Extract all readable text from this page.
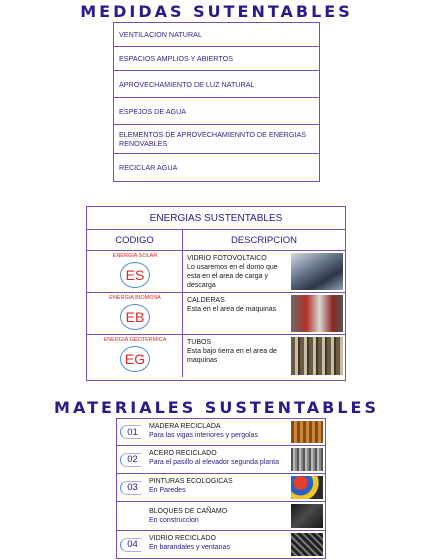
MEDIDAS SUTENTABLES
VENTILACION NATURAL
ESPACIOS AMPLIOS Y ABIERTOS
APROVECHAMIENTO DE LUZ NATURAL
ESPEJOS DE AGUA
ELEMENTOS DE APROVECHAMIENNTO DE ENERGIAS RENOVABLES
RECICLAR AGUA
ENERGIAS SUSTENTABLES
CODIGO	DESCRIPCION
ENERGIA SOLAR
ES
VIDRIO FOTOVOLTAICO
Lo usaremos en el domo que esta en el area de carga y descarga
ENERGIA BIOMOSA
EB
CALDERAS
Esta en el area de maquinas
ENERGIA GEOTERMICA
EG
TUBOS
Esta bajo tierra en el area de maquinas
MATERIALES SUSTENTABLES
01	MADERA RECICLADA
Para las vigas interiores y pergolas
02
ACERO RECICLADO
Para el pasillo al elevador segunda planta
03
PINTURAS ECOLOGICAS
En Paredes
BLOQUES DE CAÑAMO
En construccion
04
VIDRIO RECICLADO
En barandales y ventanas
